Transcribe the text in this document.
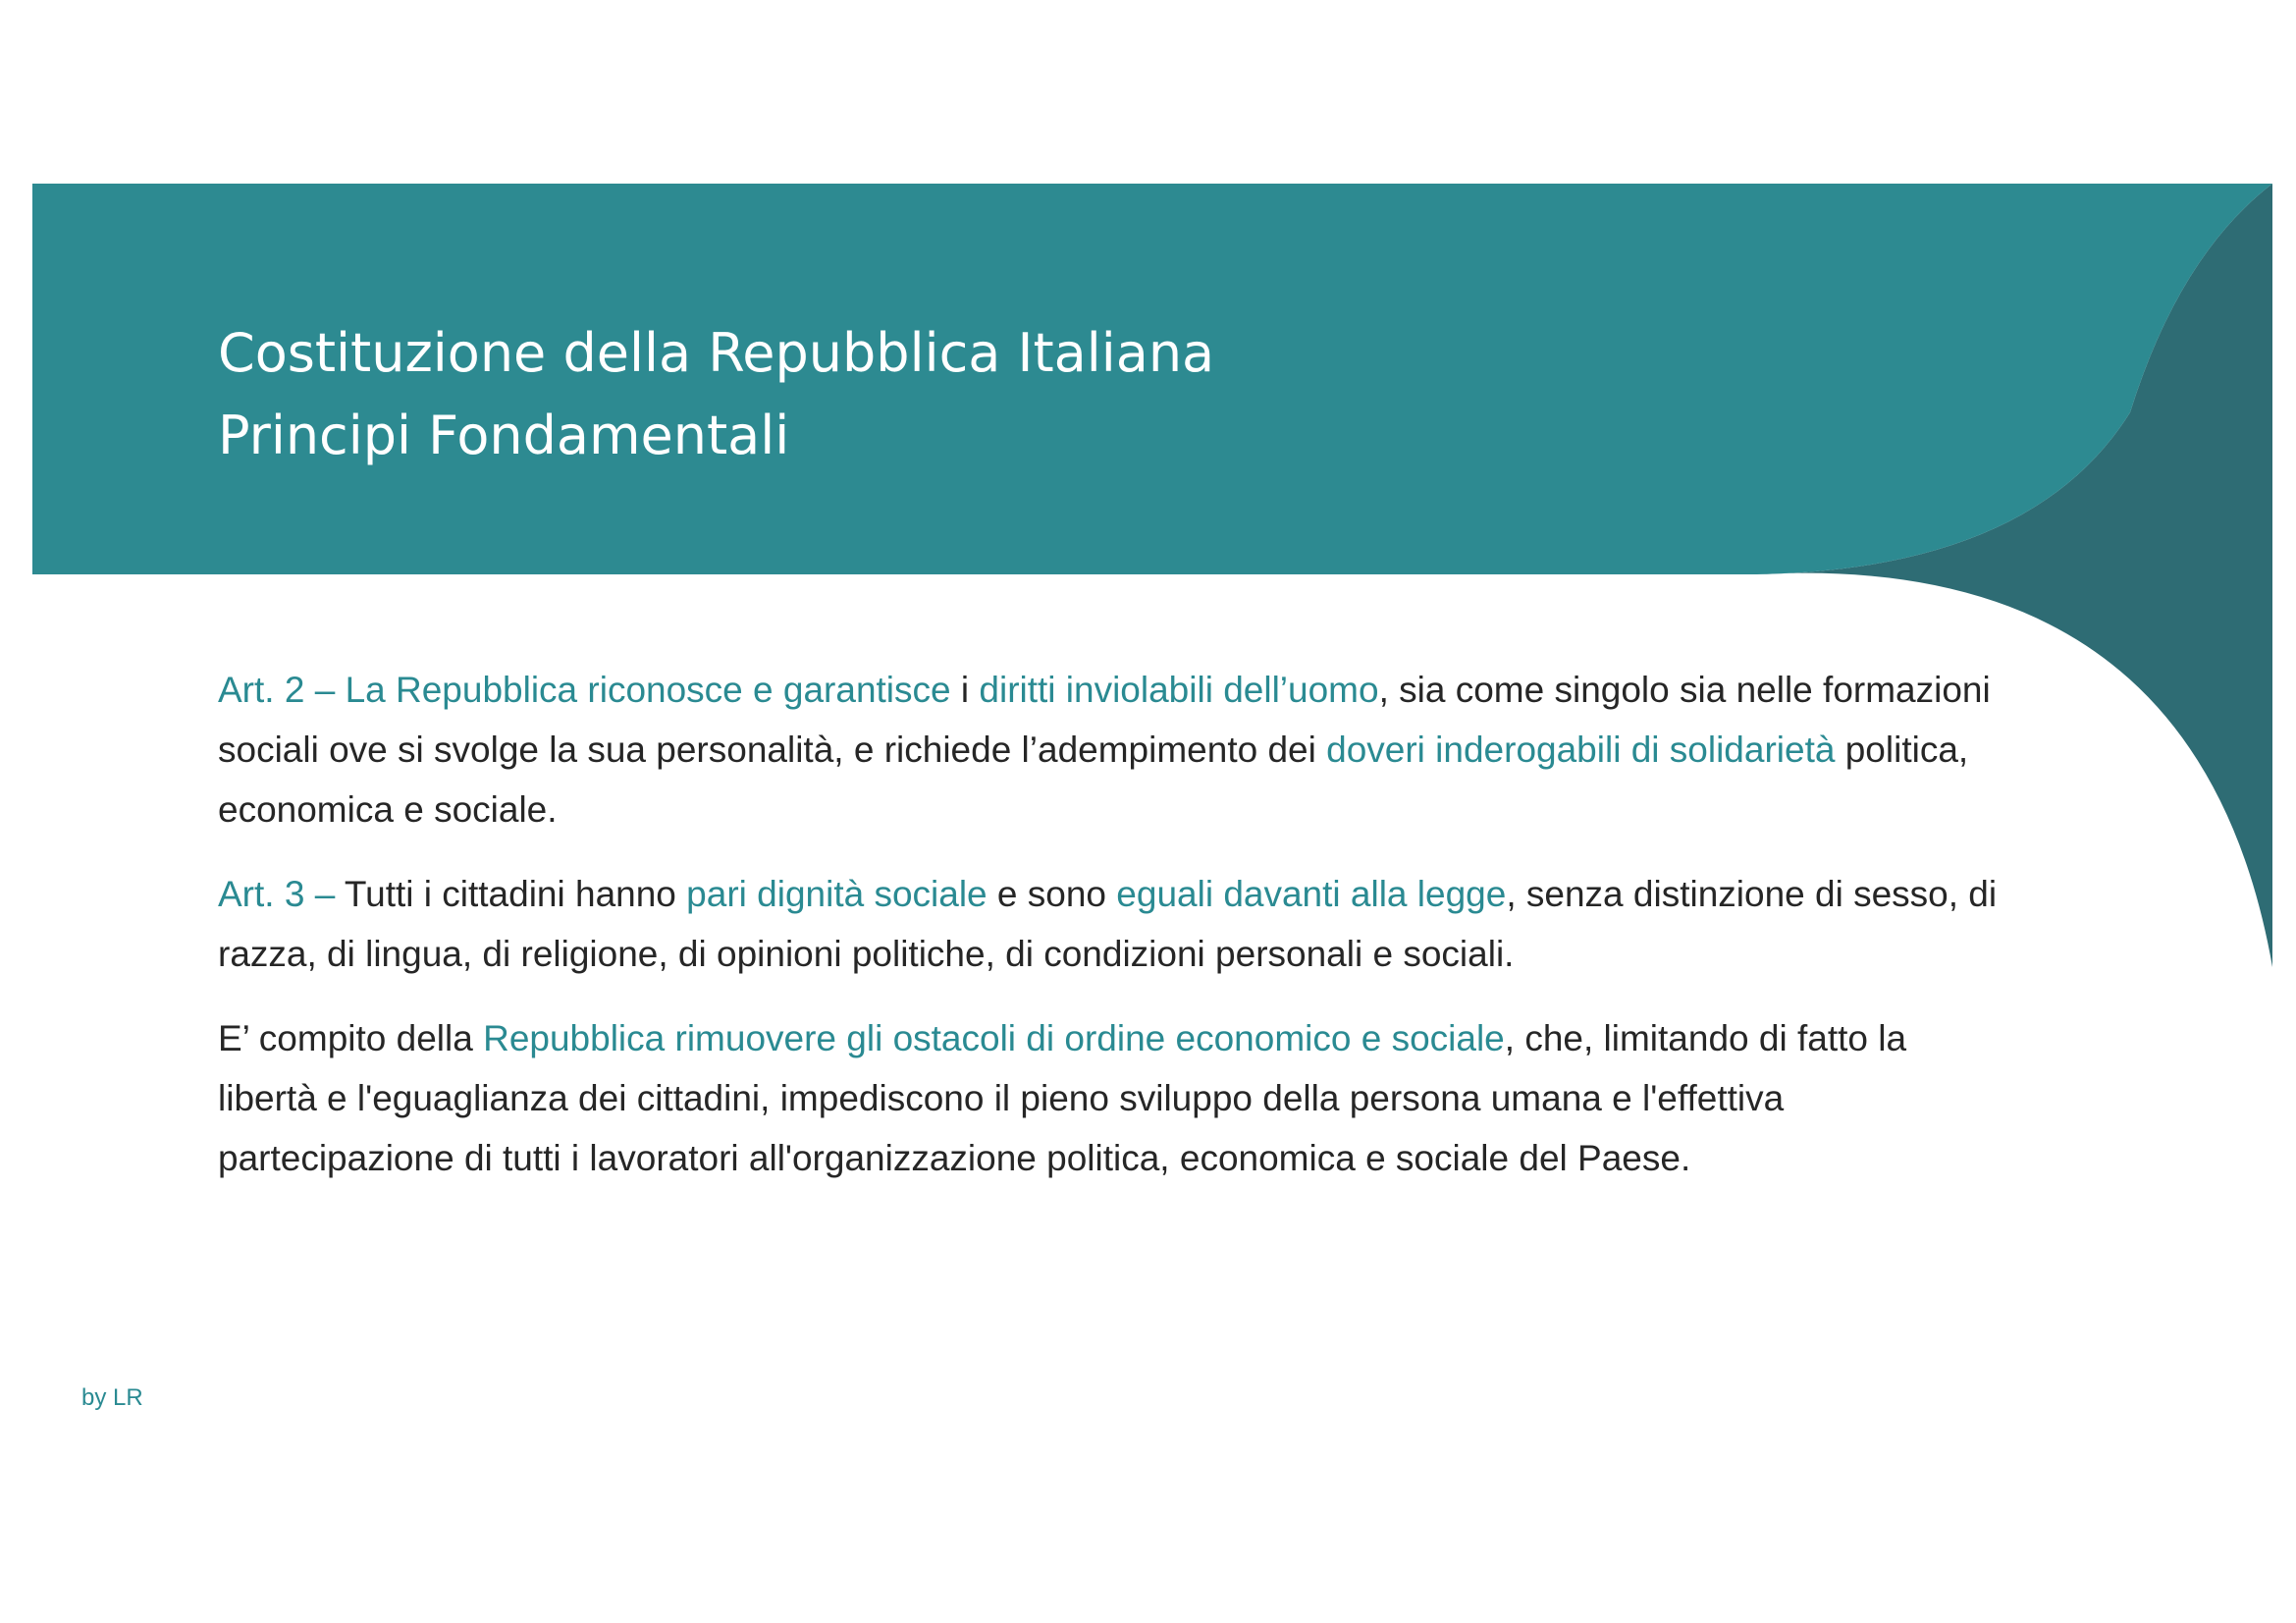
Costituzione della Repubblica Italiana
Principi Fondamentali

Art. 2 – La Repubblica riconosce e garantisce i diritti inviolabili dell’uomo, sia come singolo sia nelle formazioni sociali ove si svolge la sua personalità, e richiede l’adempimento dei doveri inderogabili di solidarietà politica, economica e sociale.

Art. 3 – Tutti i cittadini hanno pari dignità sociale e sono eguali davanti alla legge, senza distinzione di sesso, di razza, di lingua, di religione, di opinioni politiche, di condizioni personali e sociali.

E’ compito della Repubblica rimuovere gli ostacoli di ordine economico e sociale, che, limitando di fatto la libertà e l'eguaglianza dei cittadini, impediscono il pieno sviluppo della persona umana e l'effettiva partecipazione di tutti i lavoratori all'organizzazione politica, economica e sociale del Paese.

by LR
